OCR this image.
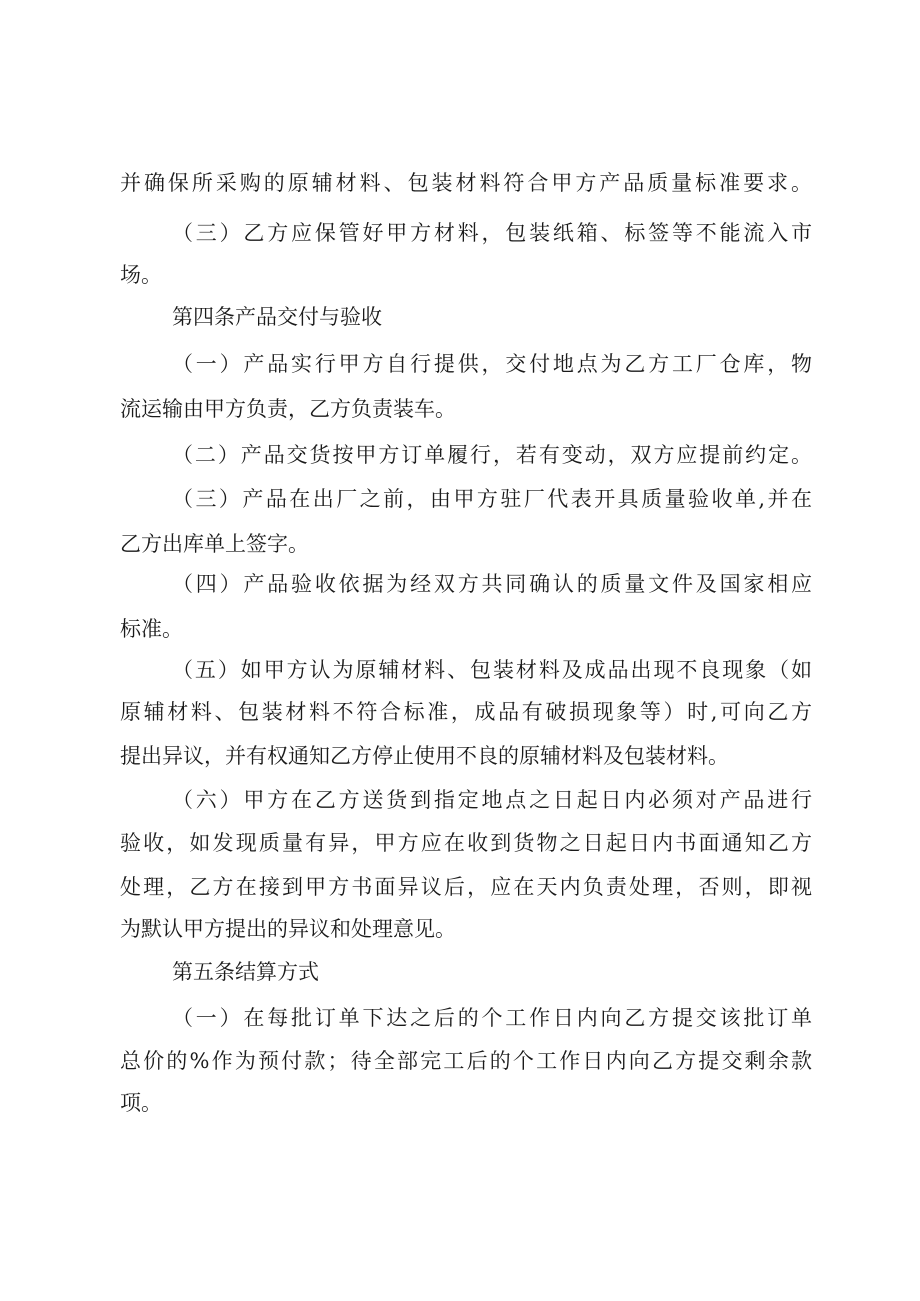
并确保所采购的原辅材料、包装材料符合甲方产品质量标准要求。
（三）乙方应保管好甲方材料，包装纸箱、标签等不能流入市
场。
第四条产品交付与验收
（一）产品实行甲方自行提供，交付地点为乙方工厂仓库，物
流运输由甲方负责，乙方负责装车。
（二）产品交货按甲方订单履行，若有变动，双方应提前约定。
（三）产品在出厂之前，由甲方驻厂代表开具质量验收单,并在
乙方出库单上签字。
（四）产品验收依据为经双方共同确认的质量文件及国家相应
标准。
（五）如甲方认为原辅材料、包装材料及成品出现不良现象（如
原辅材料、包装材料不符合标准，成品有破损现象等）时,可向乙方
提出异议，并有权通知乙方停止使用不良的原辅材料及包装材料。
（六）甲方在乙方送货到指定地点之日起日内必须对产品进行
验收，如发现质量有异，甲方应在收到货物之日起日内书面通知乙方
处理，乙方在接到甲方书面异议后，应在天内负责处理，否则，即视
为默认甲方提出的异议和处理意见。
第五条结算方式
（一）在每批订单下达之后的个工作日内向乙方提交该批订单
总价的%作为预付款；待全部完工后的个工作日内向乙方提交剩余款
项。
